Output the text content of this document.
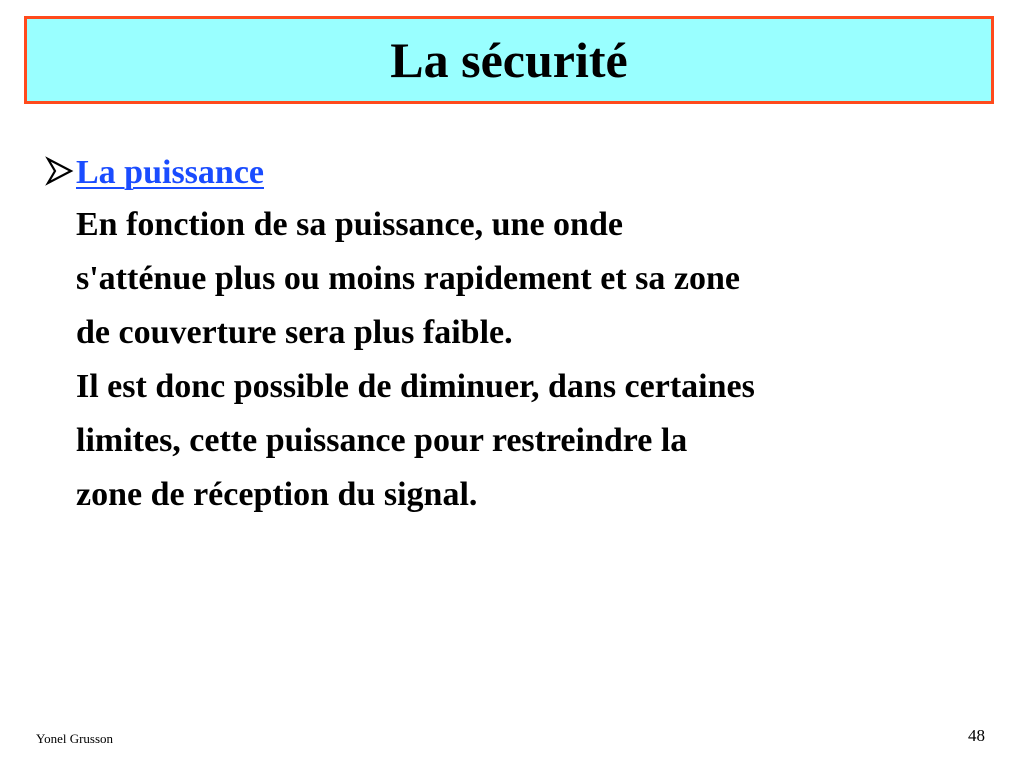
La sécurité
La puissance
En fonction de sa puissance, une onde
s'atténue plus ou moins rapidement et sa zone
de couverture sera plus faible.
Il est donc possible de diminuer, dans certaines
limites, cette puissance pour restreindre la
zone de réception du signal.
Yonel Grusson	48
